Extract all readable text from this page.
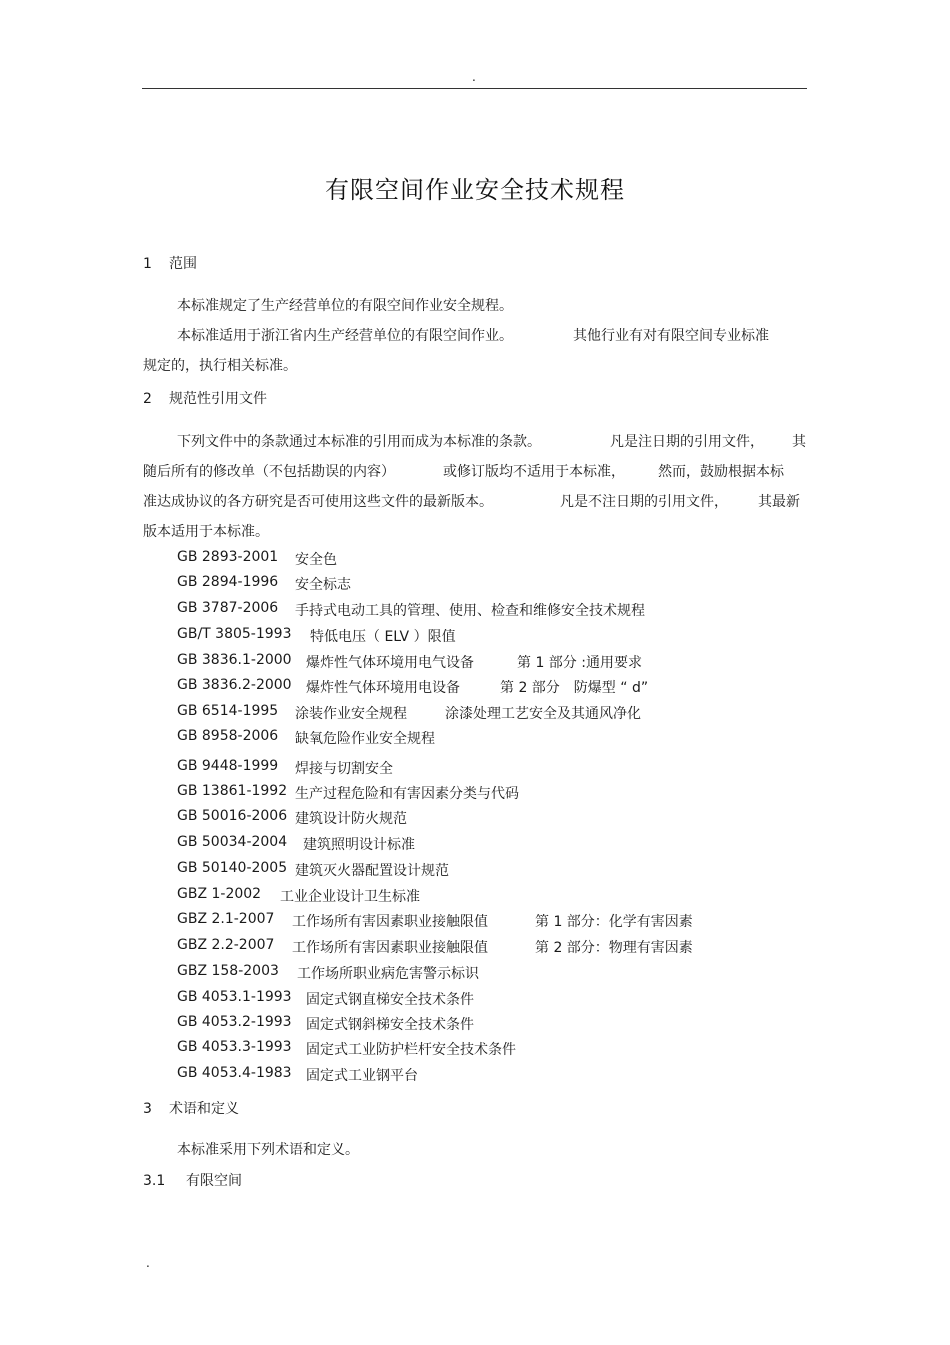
.
有限空间作业安全技术规程
1 范围
本标准规定了生产经营单位的有限空间作业安全规程。
本标准适用于浙江省内生产经营单位的有限空间作业。	其他行业有对有限空间专业标准
规定的，执行相关标准。
2 规范性引用文件
下列文件中的条款通过本标准的引用而成为本标准的条款。	凡是注日期的引用文件， 其
随后所有的修改单（不包括勘误的内容）	或修订版均不适用于本标准， 然而，鼓励根据本标
准达成协议的各方研究是否可使用这些文件的最新版本。	凡是不注日期的引用文件， 其最新
版本适用于本标准。
GB 2893-2001 安全色
GB 2894-1996 安全标志
GB 3787-2006 手持式电动工具的管理、使用、检查和维修安全技术规程
GB/T 3805-1993 特低电压（ ELV ）限值
GB 3836.1-2000 爆炸性气体环境用电气设备	第 1 部分 :通用要求
GB 3836.2-2000 爆炸性气体环境用电设备	第 2 部分　防爆型 “ d”
GB 6514-1995 涂装作业安全规程	涂漆处理工艺安全及其通风净化
GB 8958-2006 缺氧危险作业安全规程
GB 9448-1999 焊接与切割安全
GB 13861-1992 生产过程危险和有害因素分类与代码
GB 50016-2006 建筑设计防火规范
GB 50034-2004 建筑照明设计标准
GB 50140-2005 建筑灭火器配置设计规范
GBZ 1-2002 工业企业设计卫生标准
GBZ 2.1-2007 工作场所有害因素职业接触限值	第 1 部分：化学有害因素
GBZ 2.2-2007 工作场所有害因素职业接触限值	第 2 部分：物理有害因素
GBZ 158-2003 工作场所职业病危害警示标识
GB 4053.1-1993 固定式钢直梯安全技术条件
GB 4053.2-1993 固定式钢斜梯安全技术条件
GB 4053.3-1993 固定式工业防护栏杆安全技术条件
GB 4053.4-1983 固定式工业钢平台
3 术语和定义
本标准采用下列术语和定义。
3.1 有限空间
.
